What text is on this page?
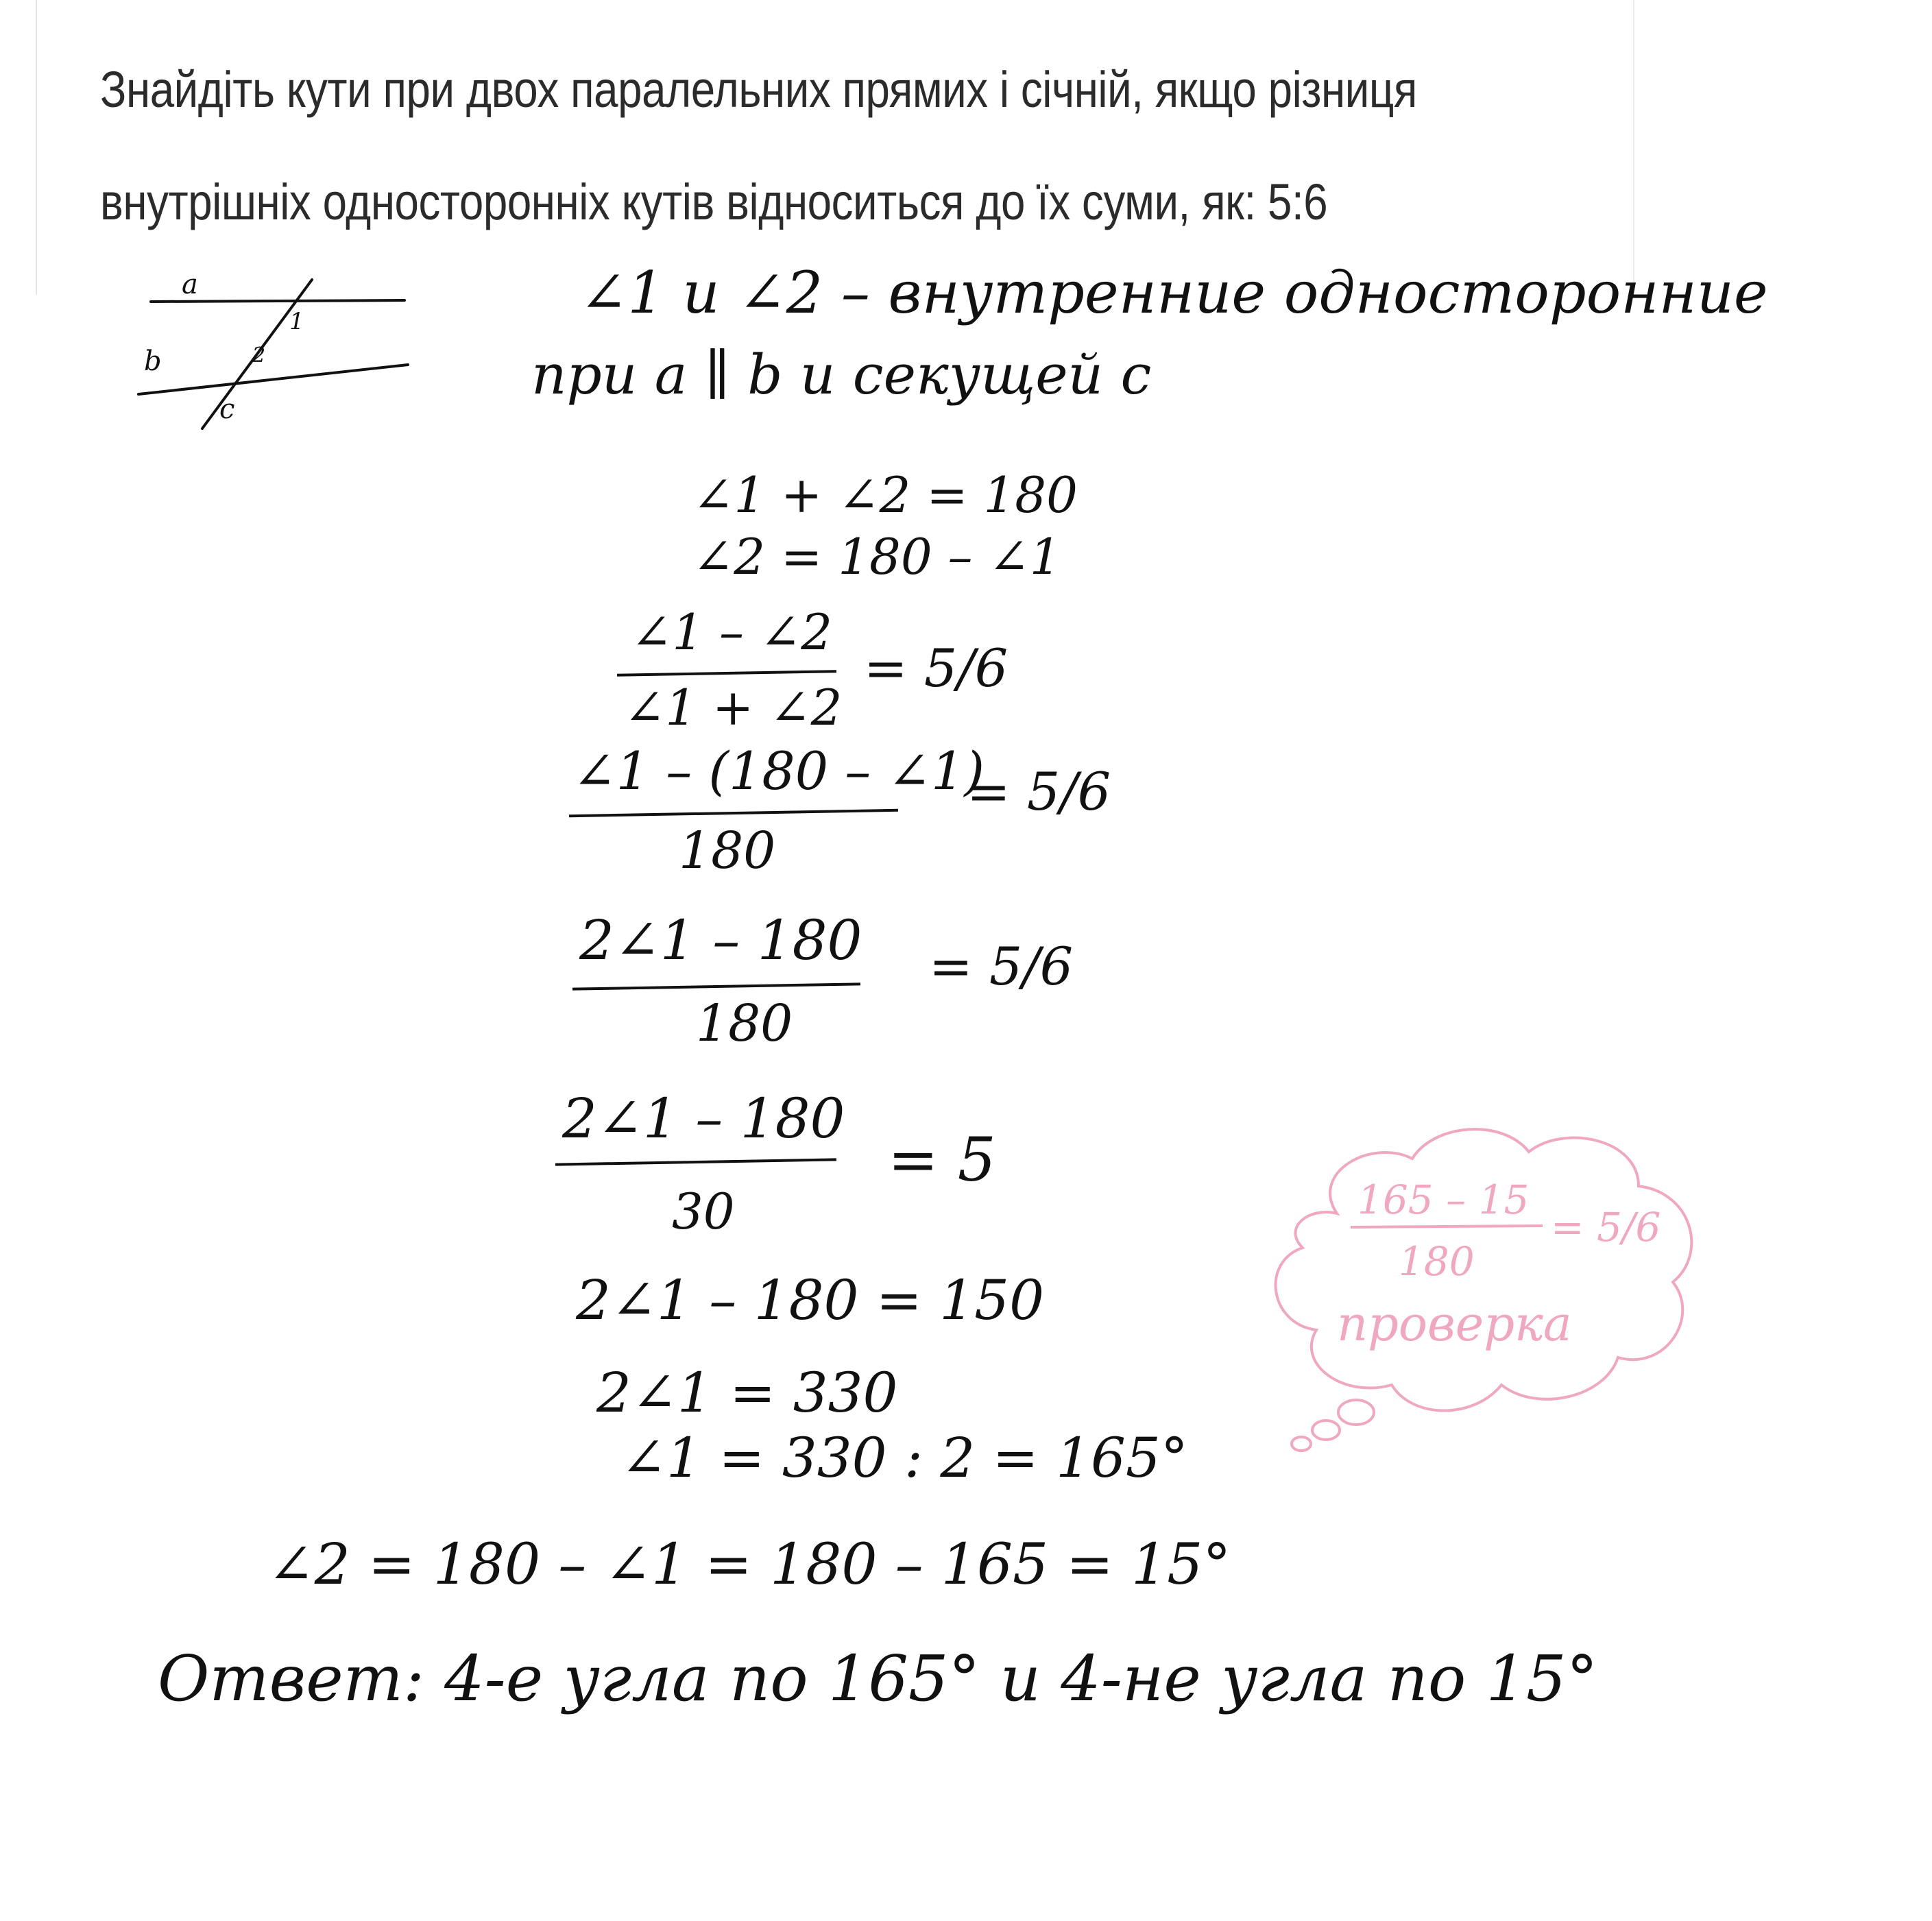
Знайдіть кути при двох паралельних прямих і січній, якщо різниця

внутрішніх односторонніх кутів відноситься до їх суми, як: 5:6

a
b
c
1
2

∠1 и ∠2 – внутренние односторонние

при a ∥ b и секущей c

∠1 + ∠2 = 180

∠2 = 180 – ∠1

∠1 – ∠2
∠1 + ∠2
= 5/6
∠1 – (180 – ∠1)
180
= 5/6
2∠1 – 180
180
= 5/6
2∠1 – 180
30
= 5

2∠1 – 180 = 150

2∠1 = 330

∠1 = 330 : 2 = 165°

∠2 = 180 – ∠1 = 180 – 165 = 15°

Ответ: 4-е угла по 165° и 4-не угла по 15°

165 – 15
180
= 5/6
проверка
